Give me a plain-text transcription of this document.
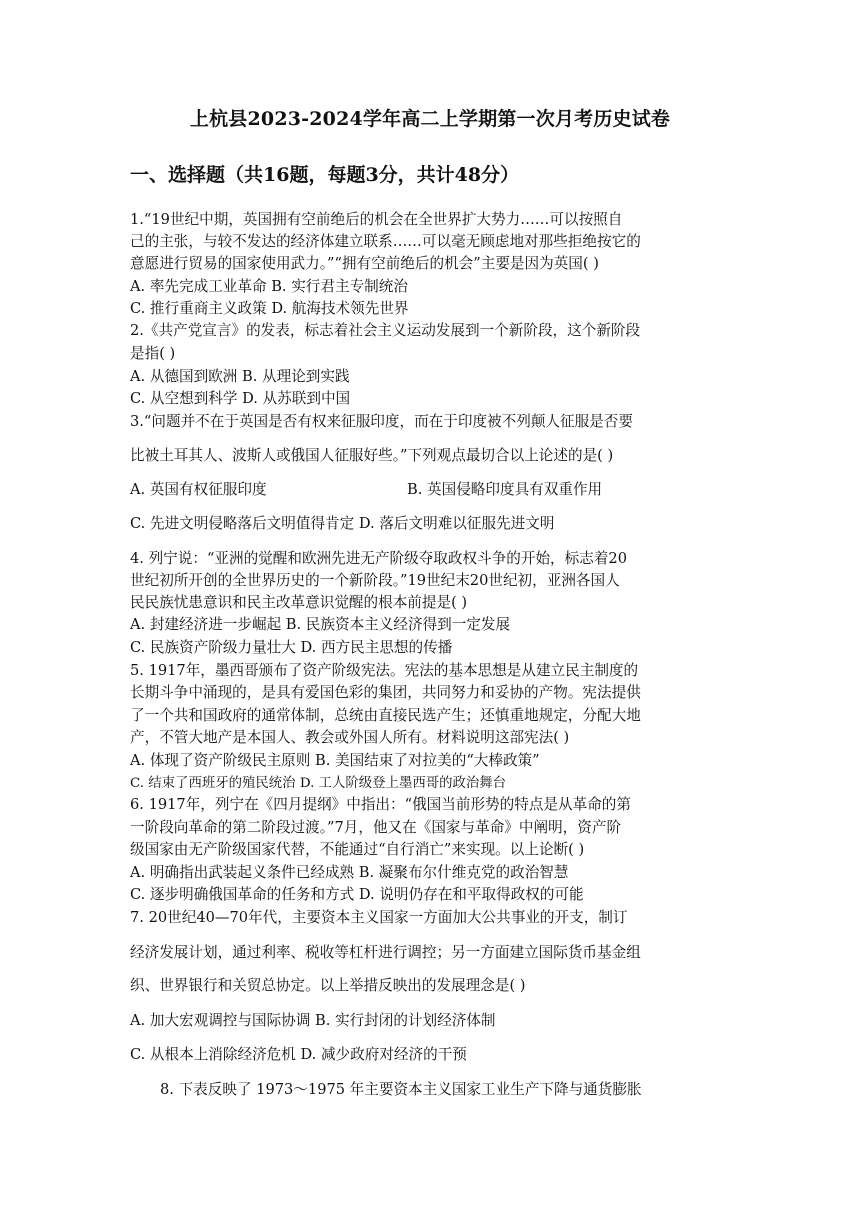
上杭县2023-2024学年高二上学期第一次月考历史试卷
一、选择题（共16题，每题3分，共计48分）
1.“19世纪中期，英国拥有空前绝后的机会在全世界扩大势力……可以按照自
己的主张，与较不发达的经济体建立联系……可以毫无顾虑地对那些拒绝按它的
意愿进行贸易的国家使用武力。”“拥有空前绝后的机会”主要是因为英国( )
A. 率先完成工业革命 B. 实行君主专制统治
C. 推行重商主义政策 D. 航海技术领先世界
2.《共产党宣言》的发表，标志着社会主义运动发展到一个新阶段，这个新阶段
是指( )
A. 从德国到欧洲 B. 从理论到实践
C. 从空想到科学 D. 从苏联到中国
3.“问题并不在于英国是否有权来征服印度，而在于印度被不列颠人征服是否要
比被土耳其人、波斯人或俄国人征服好些。”下列观点最切合以上论述的是( )
A. 英国有权征服印度	B. 英国侵略印度具有双重作用
C. 先进文明侵略落后文明值得肯定 D. 落后文明难以征服先进文明
4. 列宁说：“亚洲的觉醒和欧洲先进无产阶级夺取政权斗争的开始，标志着20
世纪初所开创的全世界历史的一个新阶段。”19世纪末20世纪初，亚洲各国人
民民族忧患意识和民主改革意识觉醒的根本前提是( )
A. 封建经济进一步崛起 B. 民族资本主义经济得到一定发展
C. 民族资产阶级力量壮大 D. 西方民主思想的传播
5. 1917年，墨西哥颁布了资产阶级宪法。宪法的基本思想是从建立民主制度的
长期斗争中涌现的，是具有爱国色彩的集团，共同努力和妥协的产物。宪法提供
了一个共和国政府的通常体制，总统由直接民选产生；还慎重地规定，分配大地
产，不管大地产是本国人、教会或外国人所有。材料说明这部宪法( )
A. 体现了资产阶级民主原则 B. 美国结束了对拉美的“大棒政策”
C. 结束了西班牙的殖民统治 D. 工人阶级登上墨西哥的政治舞台
6. 1917年，列宁在《四月提纲》中指出：“俄国当前形势的特点是从革命的第
一阶段向革命的第二阶段过渡。”7月，他又在《国家与革命》中阐明，资产阶
级国家由无产阶级国家代替，不能通过“自行消亡”来实现。以上论断( )
A. 明确指出武装起义条件已经成熟 B. 凝聚布尔什维克党的政治智慧
C. 逐步明确俄国革命的任务和方式 D. 说明仍存在和平取得政权的可能
7. 20世纪40—70年代，主要资本主义国家一方面加大公共事业的开支，制订
经济发展计划，通过利率、税收等杠杆进行调控；另一方面建立国际货币基金组
织、世界银行和关贸总协定。以上举措反映出的发展理念是( )
A. 加大宏观调控与国际协调 B. 实行封闭的计划经济体制
C. 从根本上消除经济危机 D. 减少政府对经济的干预
8. 下表反映了 1973～1975 年主要资本主义国家工业生产下降与通货膨胀
